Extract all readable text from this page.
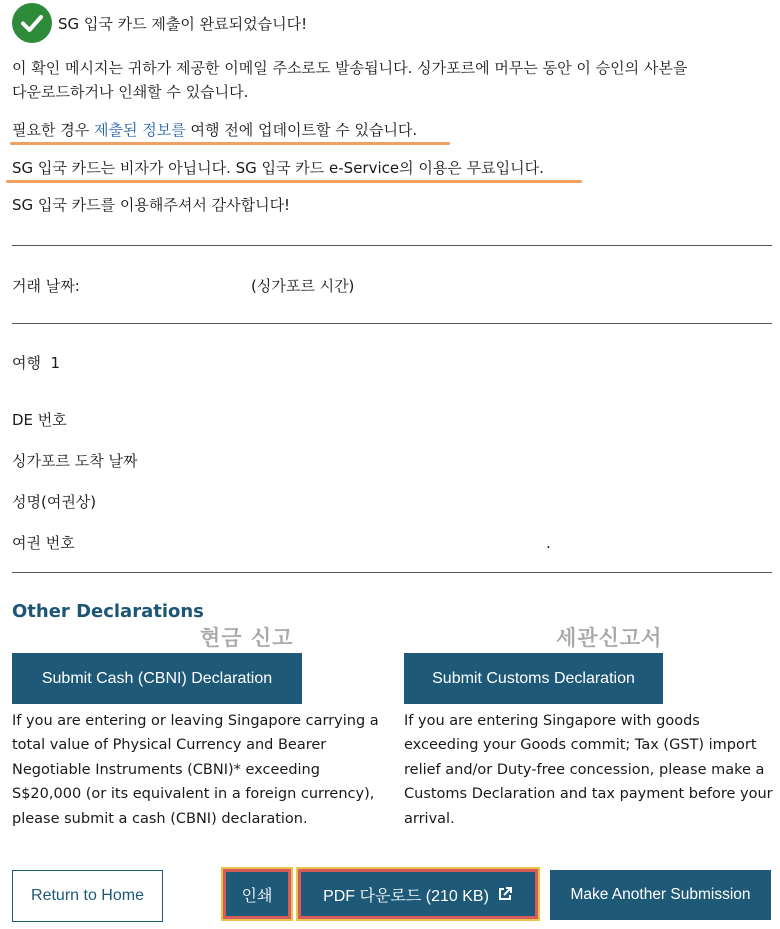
SG 입국 카드 제출이 완료되었습니다!
이 확인 메시지는 귀하가 제공한 이메일 주소로도 발송됩니다. 싱가포르에 머무는 동안 이 승인의 사본을
다운로드하거나 인쇄할 수 있습니다.
필요한 경우 제출된 정보를 여행 전에 업데이트할 수 있습니다.
SG 입국 카드는 비자가 아닙니다. SG 입국 카드 e-Service의 이용은 무료입니다.
SG 입국 카드를 이용해주셔서 감사합니다!
거래 날짜:	(싱가포르 시간)
여행 1
DE 번호
싱가포르 도착 날짜
성명(여권상)
여권 번호	.
Other Declarations
현금 신고	세관신고서
Submit Cash (CBNI) Declaration	Submit Customs Declaration
If you are entering or leaving Singapore carrying a
total value of Physical Currency and Bearer
Negotiable Instruments (CBNI)* exceeding
S$20,000 (or its equivalent in a foreign currency),
please submit a cash (CBNI) declaration.
If you are entering Singapore with goods
exceeding your Goods commit; Tax (GST) import
relief and/or Duty-free concession, please make a
Customs Declaration and tax payment before your
arrival.
Return to Home	인쇄	PDF 다운로드 (210 KB)	Make Another Submission
